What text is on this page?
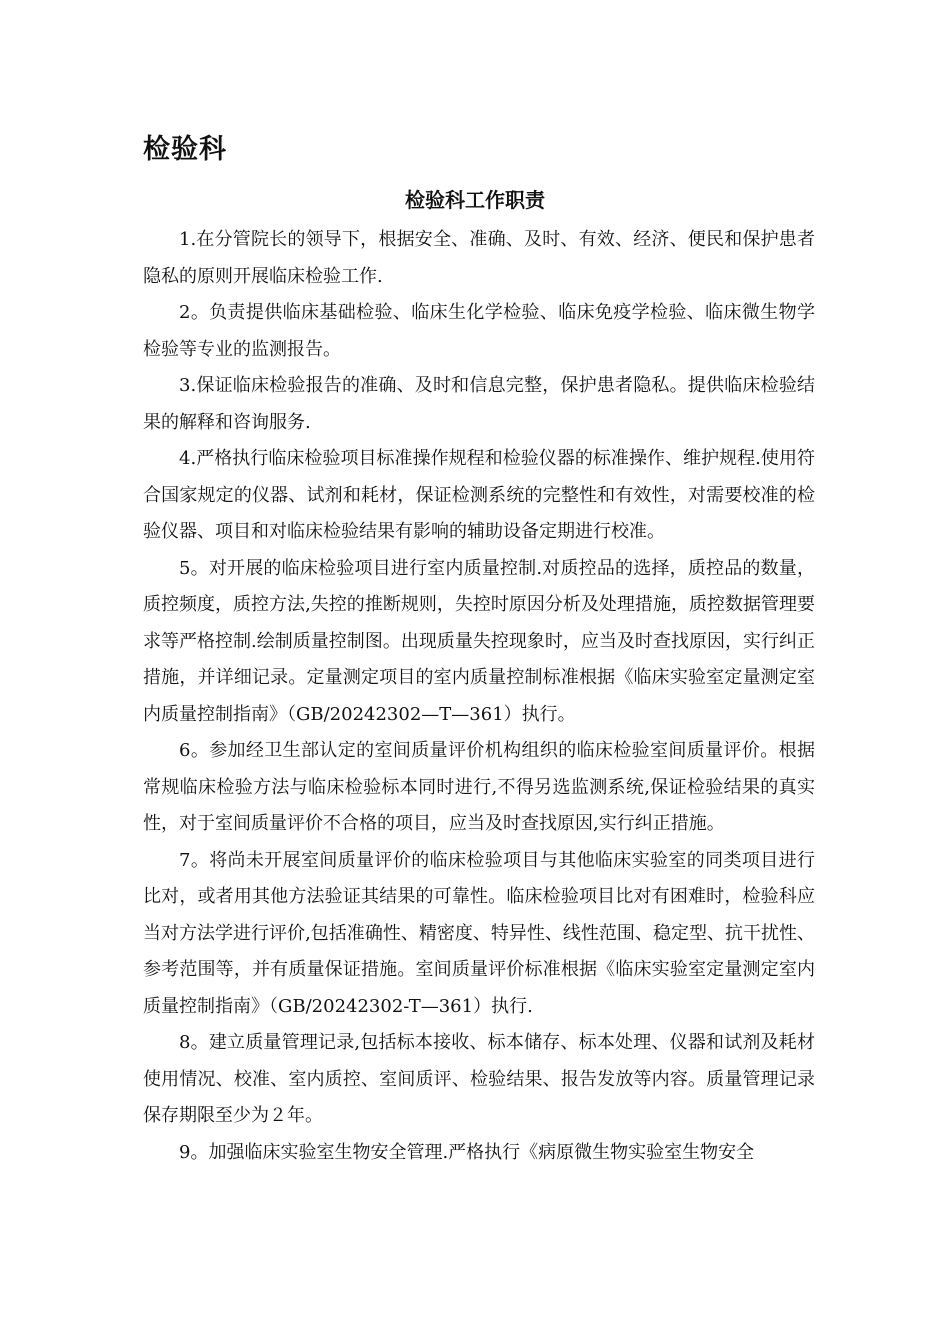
检验科
检验科工作职责

1.在分管院长的领导下，根据安全、准确、及时、有效、经济、便民和保护患者隐私的原则开展临床检验工作.

2。负责提供临床基础检验、临床生化学检验、临床免疫学检验、临床微生物学检验等专业的监测报告。

3.保证临床检验报告的准确、及时和信息完整，保护患者隐私。提供临床检验结果的解释和咨询服务.

4.严格执行临床检验项目标准操作规程和检验仪器的标准操作、维护规程.使用符合国家规定的仪器、试剂和耗材，保证检测系统的完整性和有效性，对需要校准的检验仪器、项目和对临床检验结果有影响的辅助设备定期进行校准。

5。对开展的临床检验项目进行室内质量控制.对质控品的选择，质控品的数量，质控频度，质控方法,失控的推断规则，失控时原因分析及处理措施，质控数据管理要求等严格控制.绘制质量控制图。出现质量失控现象时，应当及时查找原因，实行纠正措施，并详细记录。定量测定项目的室内质量控制标准根据《临床实验室定量测定室内质量控制指南》（GB/20242302—T—361）执行。

6。参加经卫生部认定的室间质量评价机构组织的临床检验室间质量评价。根据常规临床检验方法与临床检验标本同时进行,不得另选监测系统,保证检验结果的真实性，对于室间质量评价不合格的项目，应当及时查找原因,实行纠正措施。

7。将尚未开展室间质量评价的临床检验项目与其他临床实验室的同类项目进行比对，或者用其他方法验证其结果的可靠性。临床检验项目比对有困难时，检验科应当对方法学进行评价,包括准确性、精密度、特异性、线性范围、稳定型、抗干扰性、参考范围等，并有质量保证措施。室间质量评价标准根据《临床实验室定量测定室内质量控制指南》（GB/20242302-T—361）执行.

8。建立质量管理记录,包括标本接收、标本储存、标本处理、仪器和试剂及耗材使用情况、校准、室内质控、室间质评、检验结果、报告发放等内容。质量管理记录保存期限至少为２年。

9。加强临床实验室生物安全管理.严格执行《病原微生物实验室生物安全
